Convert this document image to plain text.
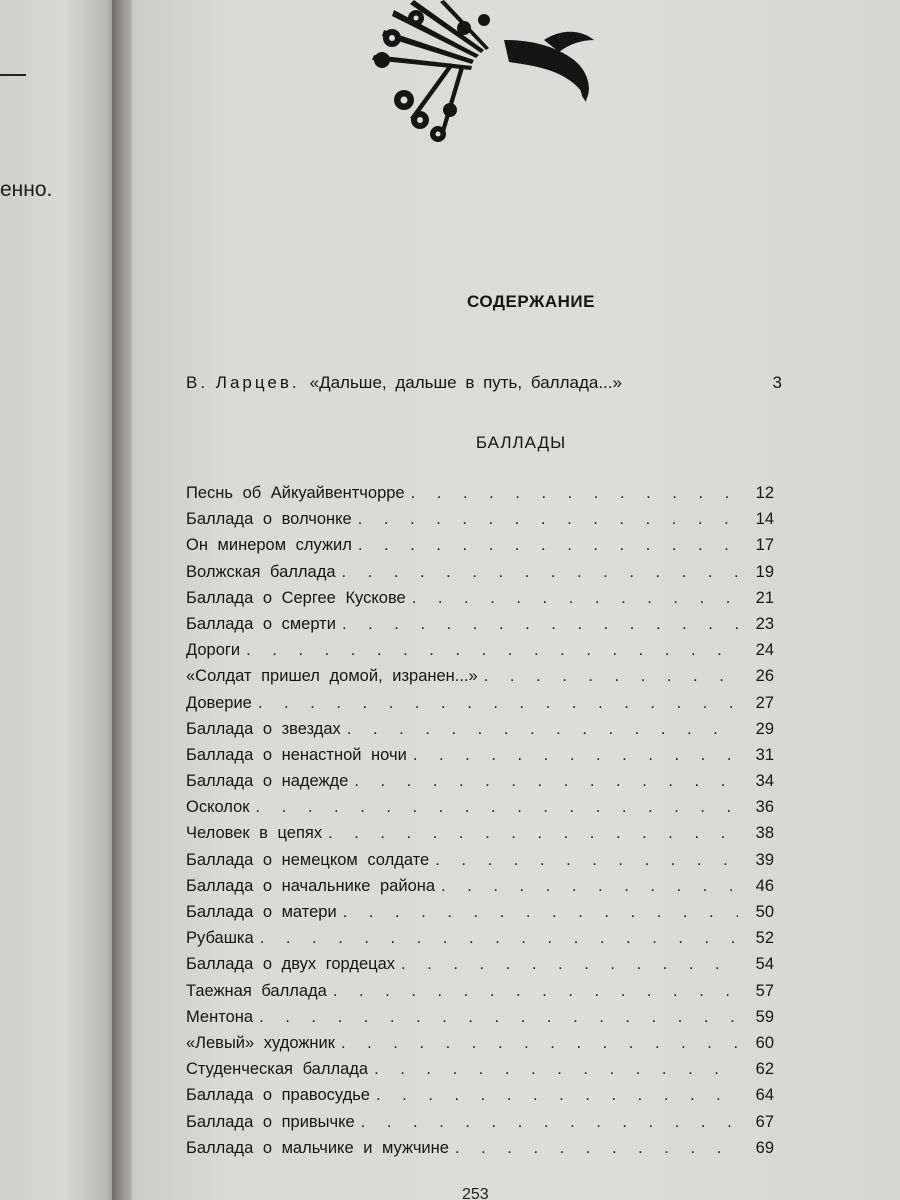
енно.
СОДЕРЖАНИЕ
В. Ларцев. «Дальше, дальше в путь, баллада...»	3
БАЛЛАДЫ
Песнь об Айкуайвентчорре . . .	12
Баллада о волчонке . . .	14
Он минером служил . . .	17
Волжская баллада . . .	19
Баллада о Сергее Кускове . . .	21
Баллада о смерти . . .	23
Дороги . . .	24
«Солдат пришел домой, изранен...» . . .	26
Доверие . . .	27
Баллада о звездах . . .	29
Баллада о ненастной ночи . . .	31
Баллада о надежде . . .	34
Осколок . . .	36
Человек в цепях . . .	38
Баллада о немецком солдате . . .	39
Баллада о начальнике района . . .	46
Баллада о матери . . .	50
Рубашка . . .	52
Баллада о двух гордецах . . .	54
Таежная баллада . . .	57
Ментона . . .	59
«Левый» художник . . .	60
Студенческая баллада . . .	62
Баллада о правосудье . . .	64
Баллада о привычке . . .	67
Баллада о мальчике и мужчине . . .	69
253
